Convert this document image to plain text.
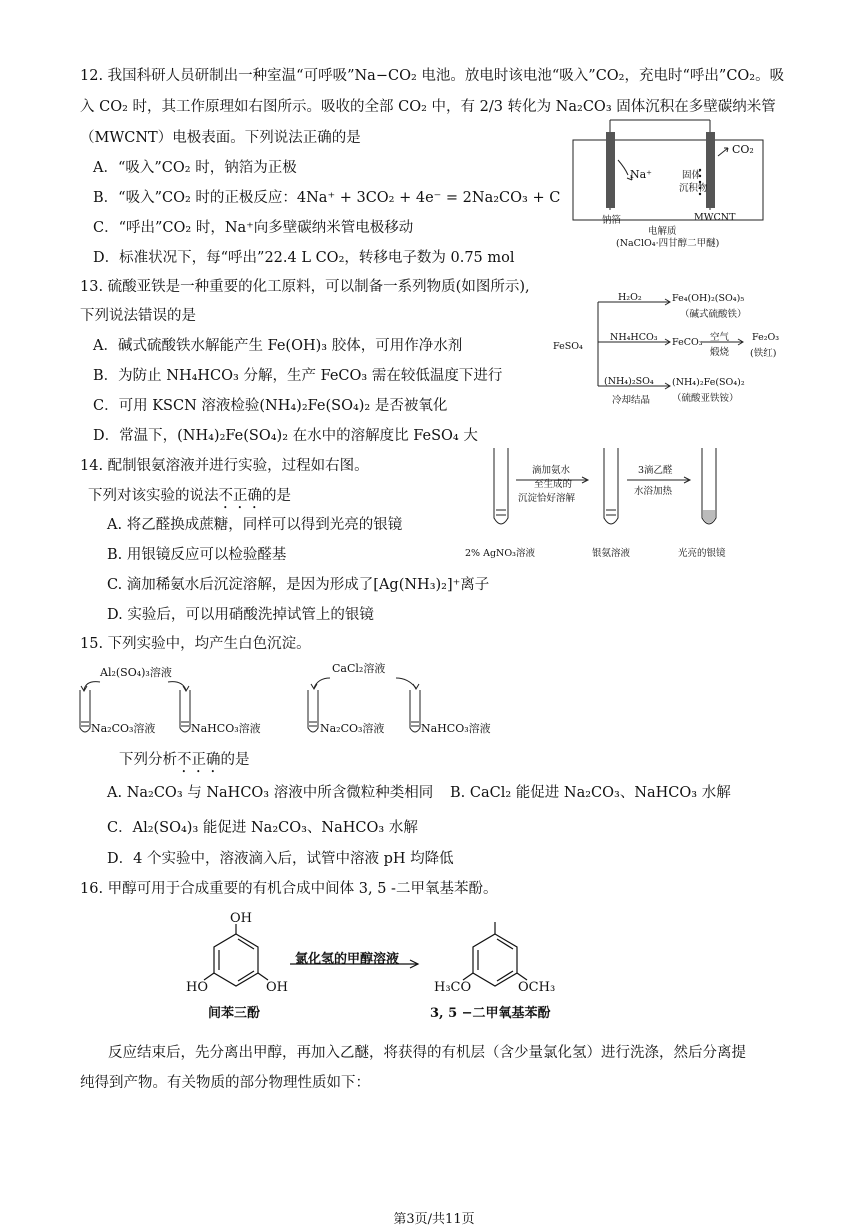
12. 我国科研人员研制出一种室温“可呼吸”Na−CO₂ 电池。放电时该电池“吸入”CO₂，充电时“呼出”CO₂。吸
入 CO₂ 时，其工作原理如右图所示。吸收的全部 CO₂ 中，有 2/3 转化为 Na₂CO₃ 固体沉积在多壁碳纳米管
（MWCNT）电极表面。下列说法正确的是
A．“吸入”CO₂ 时，钠箔为正极
B．“吸入”CO₂ 时的正极反应：4Na⁺ + 3CO₂ + 4e⁻ = 2Na₂CO₃ + C
C．“呼出”CO₂ 时，Na⁺向多壁碳纳米管电极移动
D．标准状况下，每“呼出”22.4 L CO₂，转移电子数为 0.75 mol
CO₂
Na⁺	固体
沉积物
钠箔	MWCNT
电解质
(NaClO₄·四甘醇二甲醚)
13. 硫酸亚铁是一种重要的化工原料，可以制备一系列物质(如图所示),
下列说法错误的是
A．碱式硫酸铁水解能产生 Fe(OH)₃ 胶体，可用作净水剂
B．为防止 NH₄HCO₃ 分解，生产 FeCO₃ 需在较低温度下进行
C．可用 KSCN 溶液检验(NH₄)₂Fe(SO₄)₂ 是否被氧化
D．常温下，(NH₄)₂Fe(SO₄)₂ 在水中的溶解度比 FeSO₄ 大
FeSO₄
H₂O₂	Fe₄(OH)₂(SO₄)₅
（碱式硫酸铁）
NH₄HCO₃ FeCO₃ 空气
煅烧
Fe₂O₃
(铁红)
(NH₄)₂SO₄
冷却结晶
(NH₄)₂Fe(SO₄)₂
（硫酸亚铁铵）
14. 配制银氨溶液并进行实验，过程如右图。
下列对该实验的说法不正确的是
A. 将乙醛换成蔗糖，同样可以得到光亮的银镜
B. 用银镜反应可以检验醛基
C. 滴加稀氨水后沉淀溶解，是因为形成了[Ag(NH₃)₂]⁺离子
D. 实验后，可以用硝酸洗掉试管上的银镜
滴加氨水
至生成的
沉淀恰好溶解
3滴乙醛
水浴加热
2% AgNO₃溶液	银氨溶液	光亮的银镜
15. 下列实验中，均产生白色沉淀。
Al₂(SO₄)₃溶液	CaCl₂溶液
Na₂CO₃溶液	NaHCO₃溶液	Na₂CO₃溶液	NaHCO₃溶液
下列分析不正确的是
A. Na₂CO₃ 与 NaHCO₃ 溶液中所含微粒种类相同 B. CaCl₂ 能促进 Na₂CO₃、NaHCO₃ 水解
C．Al₂(SO₄)₃ 能促进 Na₂CO₃、NaHCO₃ 水解
D．4 个实验中，溶液滴入后，试管中溶液 pH 均降低
16. 甲醇可用于合成重要的有机合成中间体 3, 5 -二甲氧基苯酚。
OH
HO	OH
氯化氢的甲醇溶液
间苯三酚
H₃CO	OCH₃
3, 5 −二甲氧基苯酚
反应结束后，先分离出甲醇，再加入乙醚，将获得的有机层（含少量氯化氢）进行洗涤，然后分离提
纯得到产物。有关物质的部分物理性质如下：
第3页/共11页
